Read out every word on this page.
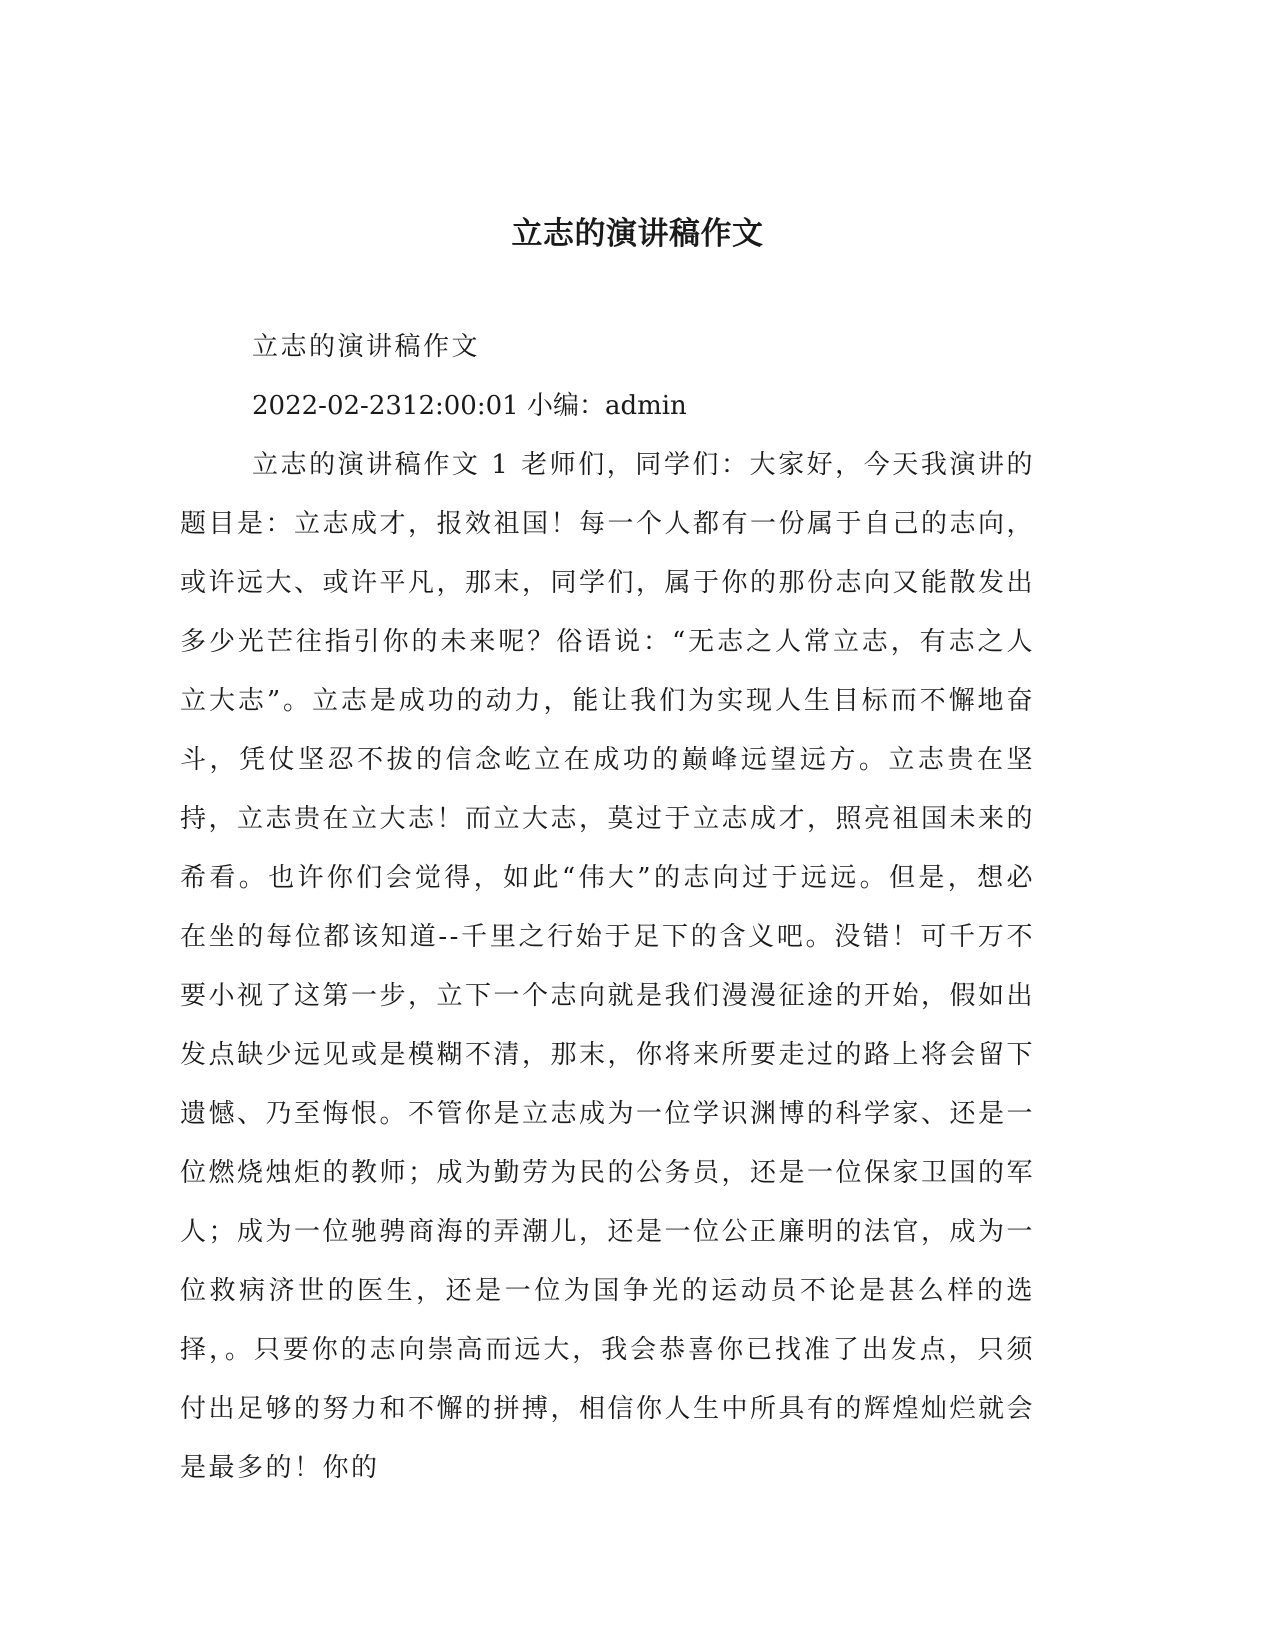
立志的演讲稿作文

立志的演讲稿作文

2022-02-2312:00:01 小编：admin

立志的演讲稿作文 1 老师们，同学们：大家好，今天我演讲的题目是：立志成才，报效祖国！每一个人都有一份属于自己的志向，或许远大、或许平凡，那末，同学们，属于你的那份志向又能散发出多少光芒往指引你的未来呢？俗语说：“无志之人常立志，有志之人立大志”。立志是成功的动力，能让我们为实现人生目标而不懈地奋斗，凭仗坚忍不拔的信念屹立在成功的巅峰远望远方。立志贵在坚持，立志贵在立大志！而立大志，莫过于立志成才，照亮祖国未来的希看。也许你们会觉得，如此“伟大”的志向过于远远。但是，想必在坐的每位都该知道--千里之行始于足下的含义吧。没错！可千万不要小视了这第一步，立下一个志向就是我们漫漫征途的开始，假如出发点缺少远见或是模糊不清，那末，你将来所要走过的路上将会留下遗憾、乃至悔恨。不管你是立志成为一位学识渊博的科学家、还是一位燃烧烛炬的教师；成为勤劳为民的公务员，还是一位保家卫国的军人；成为一位驰骋商海的弄潮儿，还是一位公正廉明的法官，成为一位救病济世的医生，还是一位为国争光的运动员不论是甚么样的选择，。只要你的志向崇高而远大，我会恭喜你已找准了出发点，只须付出足够的努力和不懈的拼搏，相信你人生中所具有的辉煌灿烂就会是最多的！你的
